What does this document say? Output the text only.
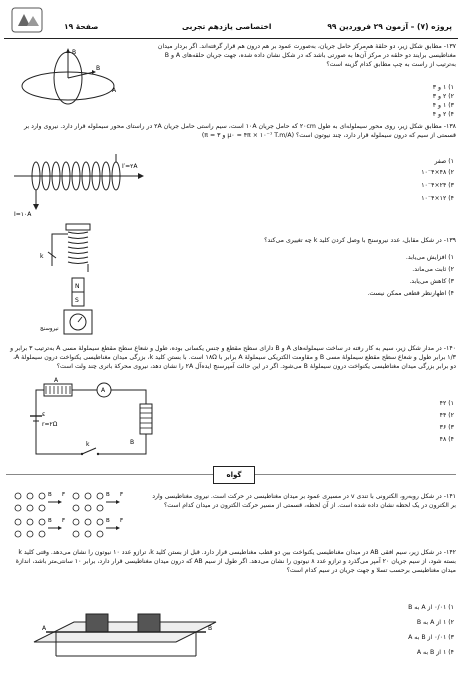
صفحهٔ ۱۹	اختصاصی یازدهم تجربی	پروژه (۷) – آزمون ۲۹ فروردین ۹۹
۱۳۷- مطابق شکل زیر، دو حلقهٔ هم‌مرکز حامل جریان، به‌صورت عمود بر هم درون هم قرار گرفته‌اند. اگر بردار میدان مغناطیسی برایند دو حلقه در مرکز آن‌ها به صورتی باشد که در شکل نشان داده شده، جهت جریان حلقه‌های A و B به‌ترتیب از راست به چپ مطابق کدام گزینه است؟
B
B
A	۱) ۱ و ۳
۲) ۲ و ۳
۳) ۱ و ۴
۴) ۲ و ۴
۱۳۸- مطابق شکل زیر، روی محور سیملوله‌ای به طول ۲۰cm که حامل جریان ۱۰A است، سیم راستی حامل جریان ۲A در راستای محور سیملوله قرار دارد. نیروی وارد بر قسمتی از سیم که درون سیملوله قرار دارد، چند نیوتون است؟ (μ۰ = ۴π × ۱۰⁻⁷ T.m/A و π = ۳)
I′=۲A
I=۱۰A
۱) صفر
۲) ۴۸×۱۰⁻۴
۳) ۲۴×۱۰⁻۴
۴) ۱۲×۱۰⁻۴
۱۳۹- در شکل مقابل، عدد نیروسنج با وصل کردن کلید k چه تغییری می‌کند؟
k
N
S
نیروسنج
۱) افزایش می‌یابد.
۲) ثابت می‌ماند.
۳) کاهش می‌یابد.
۴) اظهارنظر قطعی ممکن نیست.
۱۴۰- در مدار شکل زیر، سیم به کار رفته در ساخت سیملوله‌های A و B دارای سطح مقطع و جنس یکسانی بوده، طول و شعاع سطح مقطع سیملولهٔ مسی A به‌ترتیب ۳ برابر و ۱/۳ برابر طول و شعاع سطح مقطع سیملولهٔ مسی B و مقاومت الکتریکی سیملولهٔ A برابر با ۱۸Ω است. با بستن کلید k، بزرگی میدان مغناطیسی یکنواخت درون سیملولهٔ A، دو برابر بزرگی میدان مغناطیسی یکنواخت درون سیملولهٔ B می‌شود. اگر در این حالت آمپرسنج ایده‌آل ۲A را نشان دهد، نیروی محرکهٔ باتری چند ولت است؟
A
A
B
ε
r=۲Ω
k
۱) ۴۲
۲) ۴۴
۳) ۳۶
۴) ۴۸
گواه
۱۴۱- در شکل روبه‌رو، الکترونی با تندی v در مسیری عمود بر میدان مغناطیسی در حرکت است. نیروی مغناطیسی وارد بر الکترون در یک لحظه نشان داده شده است. از آن لحظه، قسمتی از مسیر حرکت الکترون در میدان کدام است؟
B F	B F
B F	B F
۱۴۲- در شکل زیر، سیم افقی AB در میدان مغناطیسی یکنواخت بین دو قطب مغناطیسی قرار دارد. قبل از بستن کلید k، ترازو عدد ۱۰ نیوتون را نشان می‌دهد. وقتی کلید k بسته شود، از سیم جریان ۲۰ آمپر می‌گذرد و ترازو عدد ۸ نیوتون را نشان می‌دهد. اگر طول از سیم AB که درون میدان مغناطیسی قرار دارد، برابر ۱۰ سانتی‌متر باشد، اندازهٔ میدان مغناطیسی برحسب تسلا و جهت جریان در سیم کدام است؟
A	B
۱) ۰/۰۱ از A به B
۲) ۱ از A به B
۳) ۰/۰۱ از B به A
۴) ۱ از B به A
